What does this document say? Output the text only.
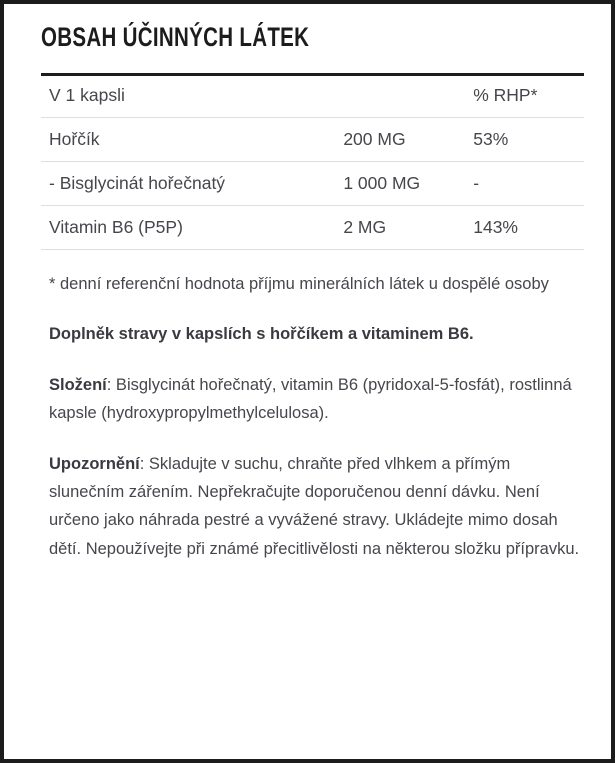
OBSAH ÚČINNÝCH LÁTEK

V 1 kapsli		% RHP*
Hořčík	200 MG	53%
- Bisglycinát hořečnatý	1 000 MG	-
Vitamin B6 (P5P)	2 MG	143%

* denní referenční hodnota příjmu minerálních látek u dospělé osoby

Doplněk stravy v kapslích s hořčíkem a vitaminem B6.

Složení: Bisglycinát hořečnatý, vitamin B6 (pyridoxal-5-fosfát), rostlinná kapsle (hydroxypropylmethylcelulosa).

Upozornění: Skladujte v suchu, chraňte před vlhkem a přímým slunečním zářením. Nepřekračujte doporučenou denní dávku. Není určeno jako náhrada pestré a vyvážené stravy. Ukládejte mimo dosah dětí. Nepoužívejte při známé přecitlivělosti na některou složku přípravku.
